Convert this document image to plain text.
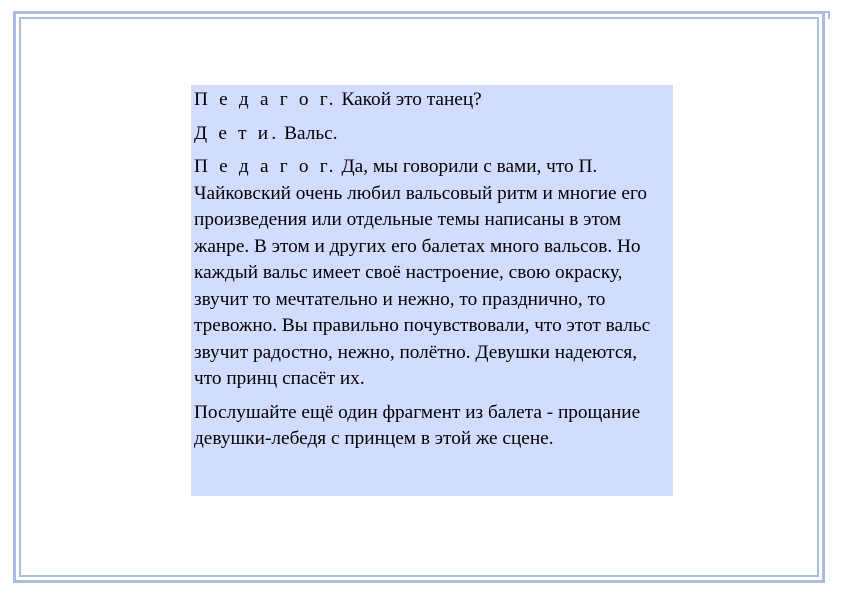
П е д а г о г. Какой это танец?

Д е т и. Вальс.

П е д а г о г. Да, мы говорили с вами, что П. Чайковский очень любил вальсовый ритм и многие его произведения или отдельные темы написаны в этом жанре. В этом и других его балетах много вальсов. Но каждый вальс имеет своё настроение, свою окраску, звучит то мечтательно и нежно, то празднично, то тревожно. Вы правильно почувствовали, что этот вальс звучит радостно, нежно, полётно. Девушки надеются, что принц спасёт их.

Послушайте ещё один фрагмент из балета - прощание девушки-лебедя с принцем в этой же сцене.
